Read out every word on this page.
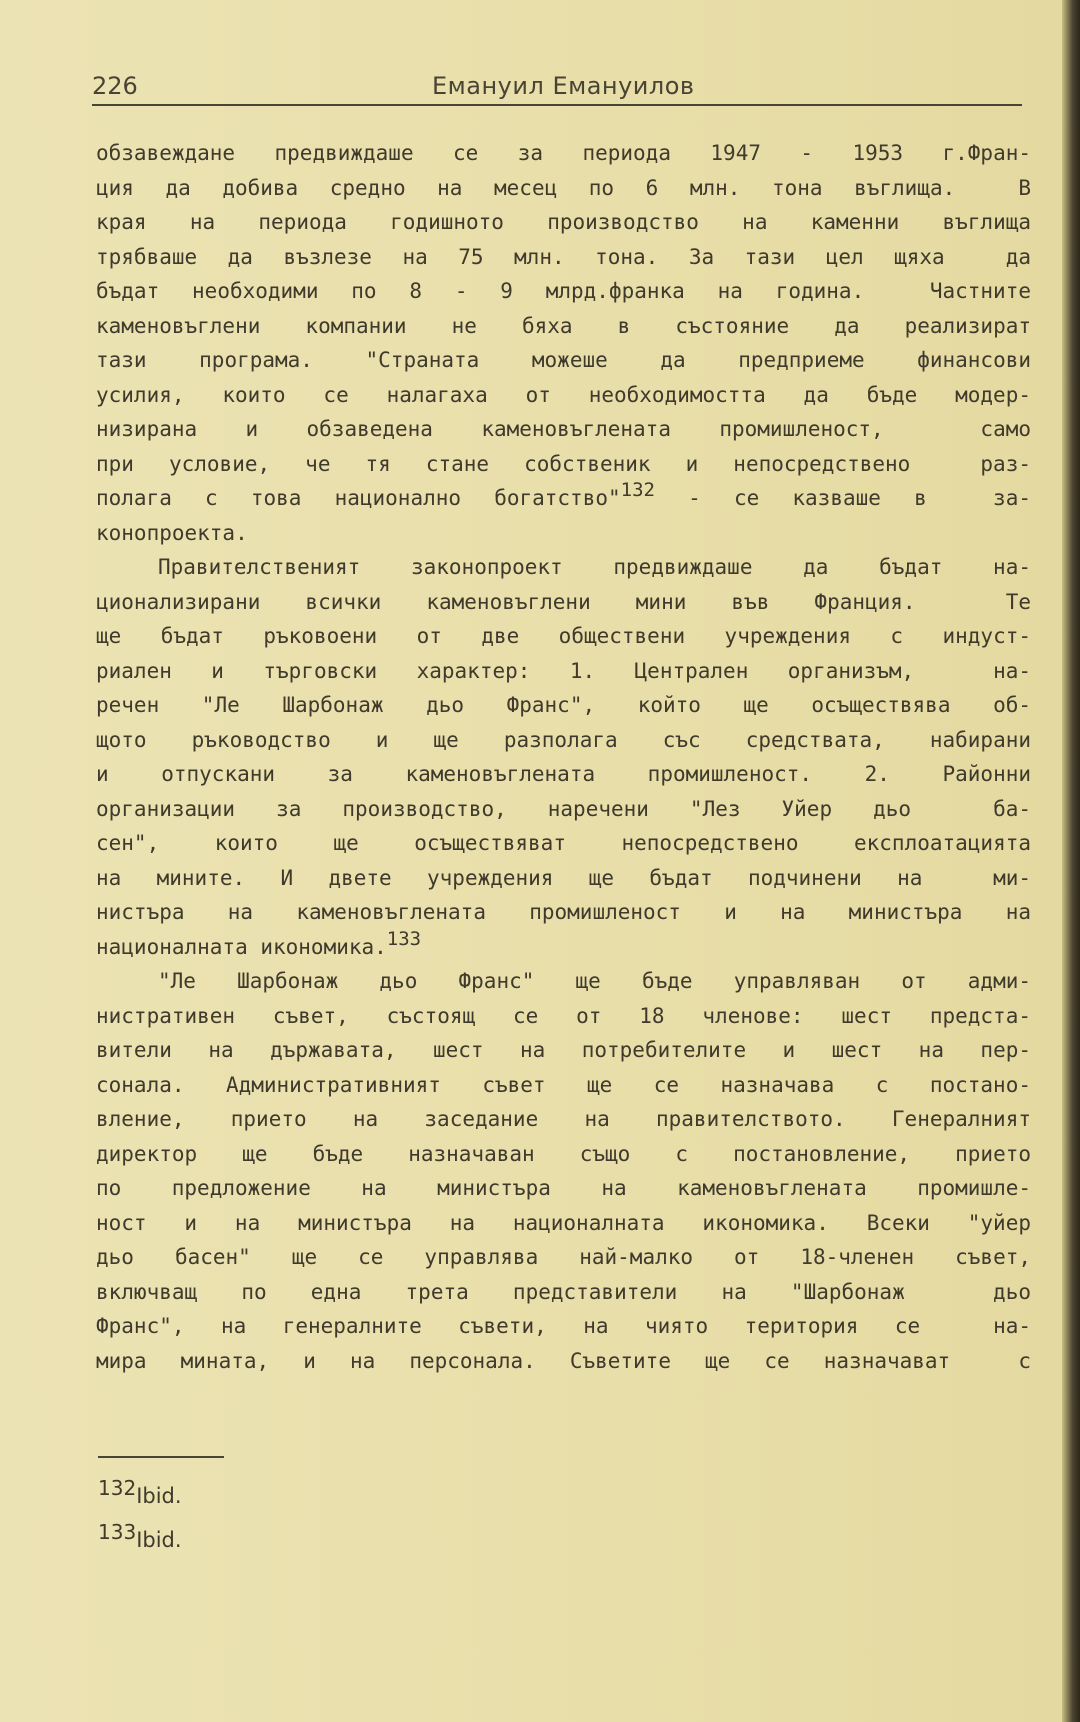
226	Емануил Емануилов
обзавеждане предвиждаше се за периода 1947 - 1953 г.Фран-
ция да добива средно на месец по 6 млн. тона въглища.  В
края на периода годишното производство на каменни въглища
трябваше да възлезе на 75 млн. тона. За тази цел щяха  да
бъдат необходими по 8 - 9 млрд.франка на година.  Частните
каменовъглени компании не бяха в състояние да реализират
тази програма. "Страната можеше да предприеме финансови
усилия, които се налагаха от необходимостта да бъде модер-
низирана и обзаведена каменовъглената промишленост,  само
при условие, че тя стане собственик и непосредствено  раз-
полага с това национално богатство"$^{132}$ - се казваше в  за-
конопроекта.
Правителственият законопроект предвиждаше да бъдат на-
ционализирани всички каменовъглени мини във Франция.  Те
ще бъдат ръковоени от две обществени учреждения с индуст-
риален и търговски характер: 1. Централен организъм,  на-
речен "Ле Шарбонаж дьо Франс", който ще осъществява об-
щото ръководство и ще разполага със средствата, набирани
и отпускани за каменовъглената промишленост. 2. Районни
организации за производство, наречени "Лез Уйер дьо  ба-
сен", които ще осъществяват непосредствено експлоатацията
на мините. И двете учреждения ще бъдат подчинени на  ми-
нистъра на каменовъглената промишленост и на министъра на
националната икономика.$^{133}$
"Ле Шарбонаж дьо Франс" ще бъде управляван от адми-
нистративен съвет, състоящ се от 18 членове: шест предста-
вители на държавата, шест на потребителите и шест на пер-
сонала. Административният съвет ще се назначава с постано-
вление, прието на заседание на правителството. Генералният
директор ще бъде назначаван също с постановление, прието
по предложение на министъра на каменовъглената промишле-
ност и на министъра на националната икономика. Всеки "уйер
дьо басен" ще се управлява най-малко от 18-членен съвет,
включващ по една трета представители на "Шарбонаж  дьо
Франс", на генералните съвети, на чиято територия се  на-
мира мината, и на персонала. Съветите ще се назначават  с
$^{132}$Ibid.
$^{133}$Ibid.
